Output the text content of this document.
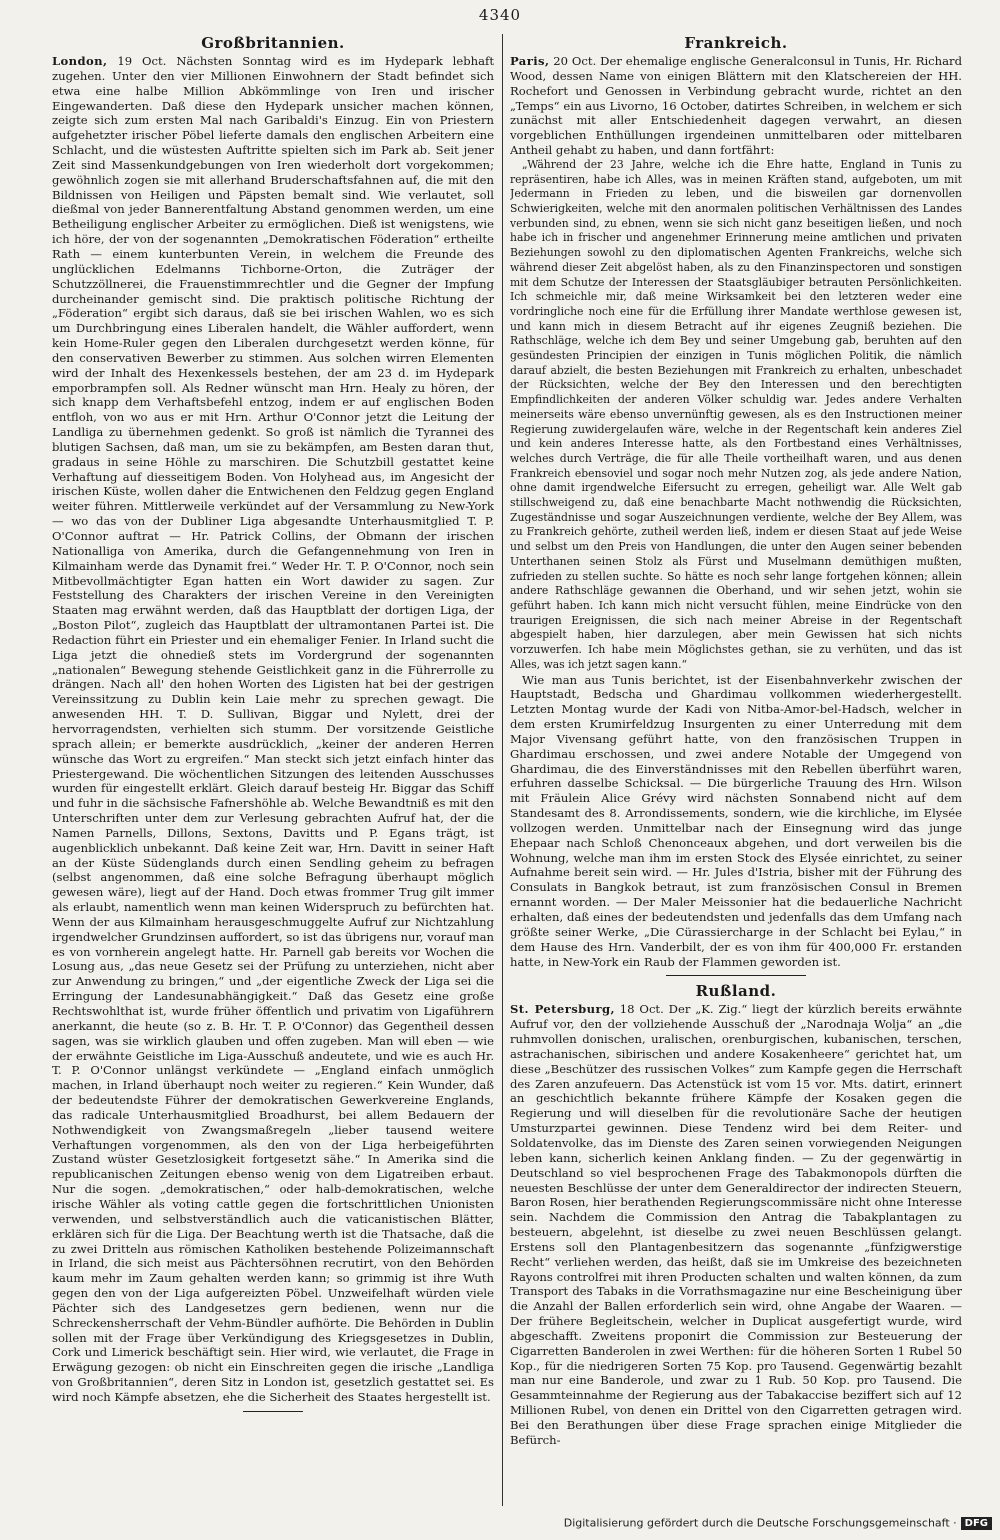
4340
Großbritannien.

London, 19 Oct. Nächsten Sonntag wird es im Hydepark lebhaft zugehen. Unter den vier Millionen Einwohnern der Stadt befindet sich etwa eine halbe Million Abkömmlinge von Iren und irischer Eingewanderten. Daß diese den Hydepark unsicher machen können, zeigte sich zum ersten Mal nach Garibaldi's Einzug. Ein von Priestern aufgehetzter irischer Pöbel lieferte damals den englischen Arbeitern eine Schlacht, und die wüstesten Auftritte spielten sich im Park ab. Seit jener Zeit sind Massenkundgebungen von Iren wiederholt dort vorgekommen; gewöhnlich zogen sie mit allerhand Bruderschaftsfahnen auf, die mit den Bildnissen von Heiligen und Päpsten bemalt sind. Wie verlautet, soll dießmal von jeder Bannerentfaltung Abstand genommen werden, um eine Betheiligung englischer Arbeiter zu ermöglichen. Dieß ist wenigstens, wie ich höre, der von der sogenannten „Demokratischen Föderation“ ertheilte Rath — einem kunterbunten Verein, in welchem die Freunde des unglücklichen Edelmanns Tichborne-Orton, die Zuträger der Schutzzöllnerei, die Frauenstimmrechtler und die Gegner der Impfung durcheinander gemischt sind. Die praktisch politische Richtung der „Föderation“ ergibt sich daraus, daß sie bei irischen Wahlen, wo es sich um Durchbringung eines Liberalen handelt, die Wähler auffordert, wenn kein Home-Ruler gegen den Liberalen durchgesetzt werden könne, für den conservativen Bewerber zu stimmen. Aus solchen wirren Elementen wird der Inhalt des Hexenkessels bestehen, der am 23 d. im Hydepark emporbrampfen soll. Als Redner wünscht man Hrn. Healy zu hören, der sich knapp dem Verhaftsbefehl entzog, indem er auf englischen Boden entfloh, von wo aus er mit Hrn. Arthur O'Connor jetzt die Leitung der Landliga zu übernehmen gedenkt. So groß ist nämlich die Tyrannei des blutigen Sachsen, daß man, um sie zu bekämpfen, am Besten daran thut, gradaus in seine Höhle zu marschiren. Die Schutzbill gestattet keine Verhaftung auf diesseitigem Boden. Von Holyhead aus, im Angesicht der irischen Küste, wollen daher die Entwichenen den Feldzug gegen England weiter führen. Mittlerweile verkündet auf der Versammlung zu New-York — wo das von der Dubliner Liga abgesandte Unterhausmitglied T. P. O'Connor auftrat — Hr. Patrick Collins, der Obmann der irischen Nationalliga von Amerika, durch die Gefangennehmung von Iren in Kilmainham werde das Dynamit frei.“ Weder Hr. T. P. O'Connor, noch sein Mitbevollmächtigter Egan hatten ein Wort dawider zu sagen. Zur Feststellung des Charakters der irischen Vereine in den Vereinigten Staaten mag erwähnt werden, daß das Hauptblatt der dortigen Liga, der „Boston Pilot“, zugleich das Hauptblatt der ultramontanen Partei ist. Die Redaction führt ein Priester und ein ehemaliger Fenier. In Irland sucht die Liga jetzt die ohnedieß stets im Vordergrund der sogenannten „nationalen“ Bewegung stehende Geistlichkeit ganz in die Führerrolle zu drängen. Nach all' den hohen Worten des Ligisten hat bei der gestrigen Vereinssitzung zu Dublin kein Laie mehr zu sprechen gewagt. Die anwesenden HH. T. D. Sullivan, Biggar und Nylett, drei der hervorragendsten, verhielten sich stumm. Der vorsitzende Geistliche sprach allein; er bemerkte ausdrücklich, „keiner der anderen Herren wünsche das Wort zu ergreifen.“ Man steckt sich jetzt einfach hinter das Priestergewand. Die wöchentlichen Sitzungen des leitenden Ausschusses wurden für eingestellt erklärt. Gleich darauf besteig Hr. Biggar das Schiff und fuhr in die sächsische Fafnershöhle ab. Welche Bewandtniß es mit den Unterschriften unter dem zur Verlesung gebrachten Aufruf hat, der die Namen Parnells, Dillons, Sextons, Davitts und P. Egans trägt, ist augenblicklich unbekannt. Daß keine Zeit war, Hrn. Davitt in seiner Haft an der Küste Südenglands durch einen Sendling geheim zu befragen (selbst angenommen, daß eine solche Befragung überhaupt möglich gewesen wäre), liegt auf der Hand. Doch etwas frommer Trug gilt immer als erlaubt, namentlich wenn man keinen Widerspruch zu befürchten hat. Wenn der aus Kilmainham herausgeschmuggelte Aufruf zur Nichtzahlung irgendwelcher Grundzinsen auffordert, so ist das übrigens nur, vorauf man es von vornherein angelegt hatte. Hr. Parnell gab bereits vor Wochen die Losung aus, „das neue Gesetz sei der Prüfung zu unterziehen, nicht aber zur Anwendung zu bringen,“ und „der eigentliche Zweck der Liga sei die Erringung der Landesunabhängigkeit.“ Daß das Gesetz eine große Rechtswohlthat ist, wurde früher öffentlich und privatim von Ligaführern anerkannt, die heute (so z. B. Hr. T. P. O'Connor) das Gegentheil dessen sagen, was sie wirklich glauben und offen zugeben. Man will eben — wie der erwähnte Geistliche im Liga-Ausschuß andeutete, und wie es auch Hr. T. P. O'Connor unlängst verkündete — „England einfach unmöglich machen, in Irland überhaupt noch weiter zu regieren.“ Kein Wunder, daß der bedeutendste Führer der demokratischen Gewerkvereine Englands, das radicale Unterhausmitglied Broadhurst, bei allem Bedauern der Nothwendigkeit von Zwangsmaßregeln „lieber tausend weitere Verhaftungen vorgenommen, als den von der Liga herbeigeführten Zustand wüster Gesetzlosigkeit fortgesetzt sähe.“ In Amerika sind die republicanischen Zeitungen ebenso wenig von dem Ligatreiben erbaut. Nur die sogen. „demokratischen,“ oder halb-demokratischen, welche irische Wähler als voting cattle gegen die fortschrittlichen Unionisten verwenden, und selbstverständlich auch die vaticanistischen Blätter, erklären sich für die Liga. Der Beachtung werth ist die Thatsache, daß die zu zwei Dritteln aus römischen Katholiken bestehende Polizeimannschaft in Irland, die sich meist aus Pächtersöhnen recrutirt, von den Behörden kaum mehr im Zaum gehalten werden kann; so grimmig ist ihre Wuth gegen den von der Liga aufgereizten Pöbel. Unzweifelhaft würden viele Pächter sich des Landgesetzes gern bedienen, wenn nur die Schreckensherrschaft der Vehm-Bündler aufhörte. Die Behörden in Dublin sollen mit der Frage über Verkündigung des Kriegsgesetzes in Dublin, Cork und Limerick beschäftigt sein. Hier wird, wie verlautet, die Frage in Erwägung gezogen: ob nicht ein Einschreiten gegen die irische „Landliga von Großbritannien“, deren Sitz in London ist, gesetzlich gestattet sei. Es wird noch Kämpfe absetzen, ehe die Sicherheit des Staates hergestellt ist.

Frankreich.

Paris, 20 Oct. Der ehemalige englische Generalconsul in Tunis, Hr. Richard Wood, dessen Name von einigen Blättern mit den Klatschereien der HH. Rochefort und Genossen in Verbindung gebracht wurde, richtet an den „Temps“ ein aus Livorno, 16 October, datirtes Schreiben, in welchem er sich zunächst mit aller Entschiedenheit dagegen verwahrt, an diesen vorgeblichen Enthüllungen irgendeinen unmittelbaren oder mittelbaren Antheil gehabt zu haben, und dann fortfährt:

„Während der 23 Jahre, welche ich die Ehre hatte, England in Tunis zu repräsentiren, habe ich Alles, was in meinen Kräften stand, aufgeboten, um mit Jedermann in Frieden zu leben, und die bisweilen gar dornenvollen Schwierigkeiten, welche mit den anormalen politischen Verhältnissen des Landes verbunden sind, zu ebnen, wenn sie sich nicht ganz beseitigen ließen, und noch habe ich in frischer und angenehmer Erinnerung meine amtlichen und privaten Beziehungen sowohl zu den diplomatischen Agenten Frankreichs, welche sich während dieser Zeit abgelöst haben, als zu den Finanzinspectoren und sonstigen mit dem Schutze der Interessen der Staatsgläubiger betrauten Persönlichkeiten. Ich schmeichle mir, daß meine Wirksamkeit bei den letzteren weder eine vordringliche noch eine für die Erfüllung ihrer Mandate werthlose gewesen ist, und kann mich in diesem Betracht auf ihr eigenes Zeugniß beziehen. Die Rathschläge, welche ich dem Bey und seiner Umgebung gab, beruhten auf den gesündesten Principien der einzigen in Tunis möglichen Politik, die nämlich darauf abzielt, die besten Beziehungen mit Frankreich zu erhalten, unbeschadet der Rücksichten, welche der Bey den Interessen und den berechtigten Empfindlichkeiten der anderen Völker schuldig war. Jedes andere Verhalten meinerseits wäre ebenso unvernünftig gewesen, als es den Instructionen meiner Regierung zuwidergelaufen wäre, welche in der Regentschaft kein anderes Ziel und kein anderes Interesse hatte, als den Fortbestand eines Verhältnisses, welches durch Verträge, die für alle Theile vortheilhaft waren, und aus denen Frankreich ebensoviel und sogar noch mehr Nutzen zog, als jede andere Nation, ohne damit irgendwelche Eifersucht zu erregen, geheiligt war. Alle Welt gab stillschweigend zu, daß eine benachbarte Macht nothwendig die Rücksichten, Zugeständnisse und sogar Auszeichnungen verdiente, welche der Bey Allem, was zu Frankreich gehörte, zutheil werden ließ, indem er diesen Staat auf jede Weise und selbst um den Preis von Handlungen, die unter den Augen seiner bebenden Unterthanen seinen Stolz als Fürst und Muselmann demüthigen mußten, zufrieden zu stellen suchte. So hätte es noch sehr lange fortgehen können; allein andere Rathschläge gewannen die Oberhand, und wir sehen jetzt, wohin sie geführt haben. Ich kann mich nicht versucht fühlen, meine Eindrücke von den traurigen Ereignissen, die sich nach meiner Abreise in der Regentschaft abgespielt haben, hier darzulegen, aber mein Gewissen hat sich nichts vorzuwerfen. Ich habe mein Möglichstes gethan, sie zu verhüten, und das ist Alles, was ich jetzt sagen kann.“

Wie man aus Tunis berichtet, ist der Eisenbahnverkehr zwischen der Hauptstadt, Bedscha und Ghardimau vollkommen wiederhergestellt. Letzten Montag wurde der Kadi von Nitba-Amor-bel-Hadsch, welcher in dem ersten Krumirfeldzug Insurgenten zu einer Unterredung mit dem Major Vivensang geführt hatte, von den französischen Truppen in Ghardimau erschossen, und zwei andere Notable der Umgegend von Ghardimau, die des Einverständnisses mit den Rebellen überführt waren, erfuhren dasselbe Schicksal. — Die bürgerliche Trauung des Hrn. Wilson mit Fräulein Alice Grévy wird nächsten Sonnabend nicht auf dem Standesamt des 8. Arrondissements, sondern, wie die kirchliche, im Elysée vollzogen werden. Unmittelbar nach der Einsegnung wird das junge Ehepaar nach Schloß Chenonceaux abgehen, und dort verweilen bis die Wohnung, welche man ihm im ersten Stock des Elysée einrichtet, zu seiner Aufnahme bereit sein wird. — Hr. Jules d'Istria, bisher mit der Führung des Consulats in Bangkok betraut, ist zum französischen Consul in Bremen ernannt worden. — Der Maler Meissonier hat die bedauerliche Nachricht erhalten, daß eines der bedeutendsten und jedenfalls das dem Umfang nach größte seiner Werke, „Die Cürassiercharge in der Schlacht bei Eylau,“ in dem Hause des Hrn. Vanderbilt, der es von ihm für 400,000 Fr. erstanden hatte, in New-York ein Raub der Flammen geworden ist.

Rußland.

St. Petersburg, 18 Oct. Der „K. Zig.“ liegt der kürzlich bereits erwähnte Aufruf vor, den der vollziehende Ausschuß der „Narodnaja Wolja“ an „die ruhmvollen donischen, uralischen, orenburgischen, kubanischen, terschen, astrachanischen, sibirischen und andere Kosakenheere“ gerichtet hat, um diese „Beschützer des russischen Volkes“ zum Kampfe gegen die Herrschaft des Zaren anzufeuern. Das Actenstück ist vom 15 vor. Mts. datirt, erinnert an geschichtlich bekannte frühere Kämpfe der Kosaken gegen die Regierung und will dieselben für die revolutionäre Sache der heutigen Umsturzpartei gewinnen. Diese Tendenz wird bei dem Reiter- und Soldatenvolke, das im Dienste des Zaren seinen vorwiegenden Neigungen leben kann, sicherlich keinen Anklang finden. — Zu der gegenwärtig in Deutschland so viel besprochenen Frage des Tabakmonopols dürften die neuesten Beschlüsse der unter dem Generaldirector der indirecten Steuern, Baron Rosen, hier berathenden Regierungscommissäre nicht ohne Interesse sein. Nachdem die Commission den Antrag die Tabakplantagen zu besteuern, abgelehnt, ist dieselbe zu zwei neuen Beschlüssen gelangt. Erstens soll den Plantagenbesitzern das sogenannte „fünfzigwerstige Recht“ verliehen werden, das heißt, daß sie im Umkreise des bezeichneten Rayons controlfrei mit ihren Producten schalten und walten können, da zum Transport des Tabaks in die Vorrathsmagazine nur eine Bescheinigung über die Anzahl der Ballen erforderlich sein wird, ohne Angabe der Waaren. — Der frühere Begleitschein, welcher in Duplicat ausgefertigt wurde, wird abgeschafft. Zweitens proponirt die Commission zur Besteuerung der Cigarretten Banderolen in zwei Werthen: für die höheren Sorten 1 Rubel 50 Kop., für die niedrigeren Sorten 75 Kop. pro Tausend. Gegenwärtig bezahlt man nur eine Banderole, und zwar zu 1 Rub. 50 Kop. pro Tausend. Die Gesammteinnahme der Regierung aus der Tabakaccise beziffert sich auf 12 Millionen Rubel, von denen ein Drittel von den Cigarretten getragen wird. Bei den Berathungen über diese Frage sprachen einige Mitglieder die Befürch-

Digitalisierung gefördert durch die Deutsche Forschungsgemeinschaft · DFG
